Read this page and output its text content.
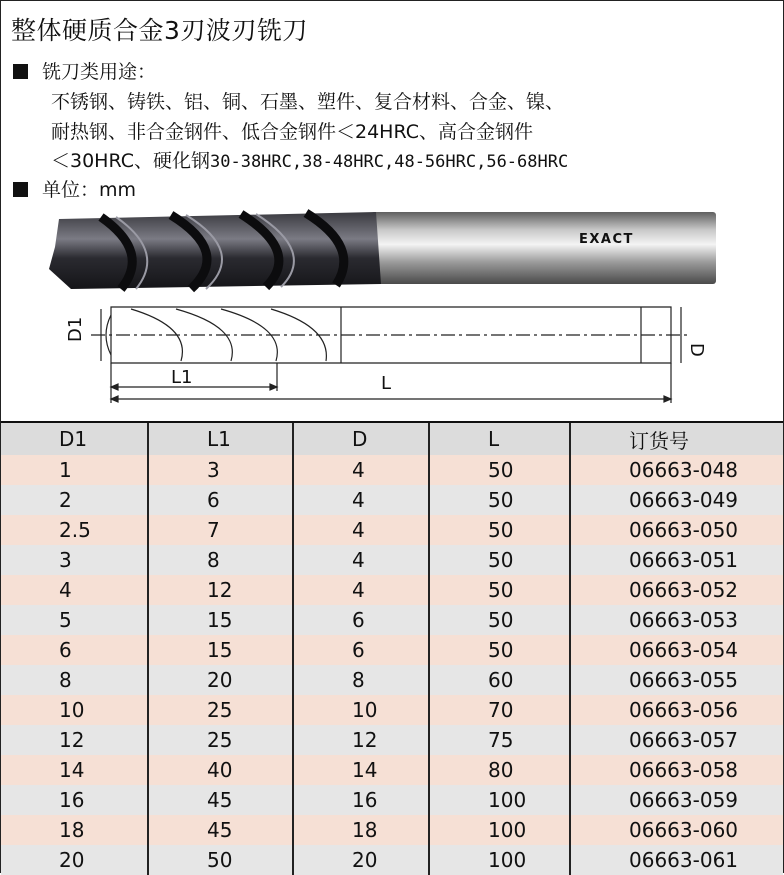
整体硬质合金3刃波刃铣刀
铣刀类用途：
不锈钢、铸铁、铝、铜、石墨、塑件、复合材料、合金、镍、
耐热钢、非合金钢件、低合金钢件＜24HRC、高合金钢件
＜30HRC、硬化钢30-38HRC,38-48HRC,48-56HRC,56-68HRC
单位：mm
EXACT
D1
L1	L
D
D1	L1	D	L	订货号
1	3	4	50	06663-048
2	6	4	50	06663-049
2.5	7	4	50	06663-050
3	8	4	50	06663-051
4	12	4	50	06663-052
5	15	6	50	06663-053
6	15	6	50	06663-054
8	20	8	60	06663-055
10	25	10	70	06663-056
12	25	12	75	06663-057
14	40	14	80	06663-058
16	45	16	100	06663-059
18	45	18	100	06663-060
20	50	20	100	06663-061
